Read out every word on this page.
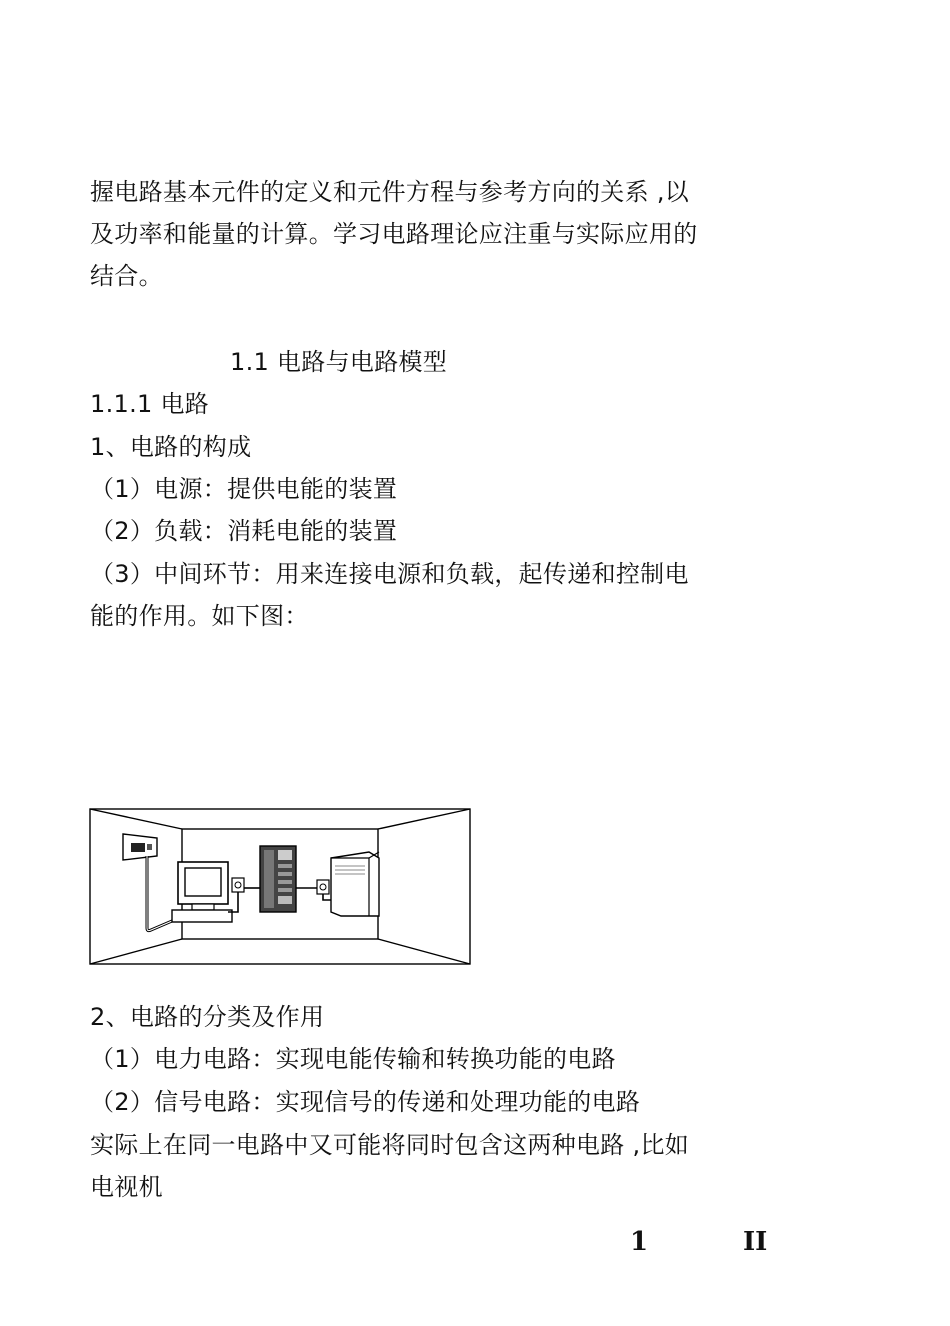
握电路基本元件的定义和元件方程与参考方向的关系 ,以
及功率和能量的计算。学习电路理论应注重与实际应用的
结合。
1.1 电路与电路模型
1.1.1 电路
1、电路的构成
（1）电源：提供电能的装置
（2）负载：消耗电能的装置
（3）中间环节：用来连接电源和负载，起传递和控制电
能的作用。如下图：
2、电路的分类及作用
（1）电力电路：实现电能传输和转换功能的电路
（2）信号电路：实现信号的传递和处理功能的电路
实际上在同一电路中又可能将同时包含这两种电路 ,比如
电视机
1	II
